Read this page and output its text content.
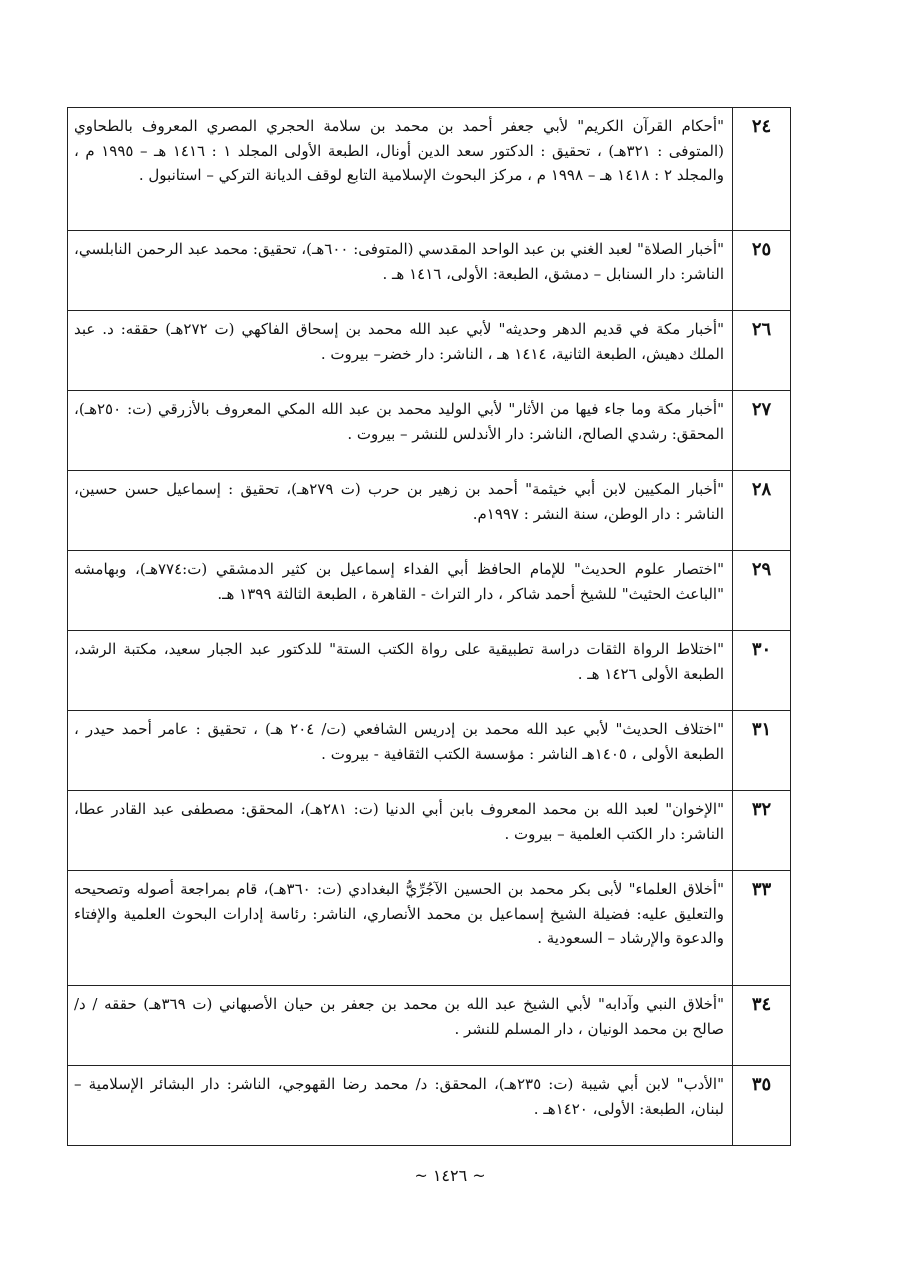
٢٤	"أحكام القرآن الكريم" لأبي جعفر أحمد بن محمد بن سلامة الحجري المصري المعروف بالطحاوي (المتوفى : ٣٢١هـ) ، تحقيق : الدكتور سعد الدين أونال، الطبعة الأولى المجلد ١ : ١٤١٦ هـ – ١٩٩٥ م ، والمجلد ٢ : ١٤١٨ هـ – ١٩٩٨ م ، مركز البحوث الإسلامية التابع لوقف الديانة التركي – استانبول .
٢٥	"أخبار الصلاة" لعبد الغني بن عبد الواحد المقدسي (المتوفى: ٦٠٠هـ)، تحقيق: محمد عبد الرحمن النابلسي، الناشر: دار السنابل – دمشق، الطبعة: الأولى، ١٤١٦ هـ .
٢٦	"أخبار مكة في قديم الدهر وحديثه" لأبي عبد الله محمد بن إسحاق الفاكهي (ت ٢٧٢هـ) حققه: د. عبد الملك دهيش، الطبعة الثانية، ١٤١٤ هـ ، الناشر: دار خضر– بيروت .
٢٧	"أخبار مكة وما جاء فيها من الأثار" لأبي الوليد محمد بن عبد الله المكي المعروف بالأزرقي (ت: ٢٥٠هـ)، المحقق: رشدي الصالح، الناشر: دار الأندلس للنشر – بيروت .
٢٨	"أخبار المكيين لابن أبي خيثمة" أحمد بن زهير بن حرب (ت ٢٧٩هـ)، تحقيق : إسماعيل حسن حسين، الناشر : دار الوطن، سنة النشر : ١٩٩٧م.
٢٩	"اختصار علوم الحديث" للإمام الحافظ أبي الفداء إسماعيل بن كثير الدمشقي (ت:٧٧٤هـ)، وبهامشه "الباعث الحثيث" للشيخ أحمد شاكر ، دار التراث - القاهرة ، الطبعة الثالثة ١٣٩٩ هـ.
٣٠	"اختلاط الرواة الثقات دراسة تطبيقية على رواة الكتب الستة" للدكتور عبد الجبار سعيد، مكتبة الرشد، الطبعة الأولى ١٤٢٦ هـ .
٣١	"اختلاف الحديث" لأبي عبد الله محمد بن إدريس الشافعي (ت/ ٢٠٤ هـ) ، تحقيق : عامر أحمد حيدر ، الطبعة الأولى ، ١٤٠٥هـ الناشر : مؤسسة الكتب الثقافية - بيروت .
٣٢	"الإخوان" لعبد الله بن محمد المعروف بابن أبي الدنيا (ت: ٢٨١هـ)، المحقق: مصطفى عبد القادر عطا، الناشر: دار الكتب العلمية – بيروت .
٣٣	"أخلاق العلماء" لأبى بكر محمد بن الحسين الآجُرِّيُّ البغدادي (ت: ٣٦٠هـ)، قام بمراجعة أصوله وتصحيحه والتعليق عليه: فضيلة الشيخ إسماعيل بن محمد الأنصاري، الناشر: رئاسة إدارات البحوث العلمية والإفتاء والدعوة والإرشاد – السعودية .
٣٤	"أخلاق النبي وآدابه" لأبي الشيخ عبد الله بن محمد بن جعفر بن حيان الأصبهاني (ت ٣٦٩هـ) حققه / د/ صالح بن محمد الونيان ، دار المسلم للنشر .
٣٥	"الأدب" لابن أبي شيبة (ت: ٢٣٥هـ)، المحقق: د/ محمد رضا القهوجي، الناشر: دار البشائر الإسلامية – لبنان، الطبعة: الأولى، ١٤٢٠هـ .
~ ١٤٢٦ ~
